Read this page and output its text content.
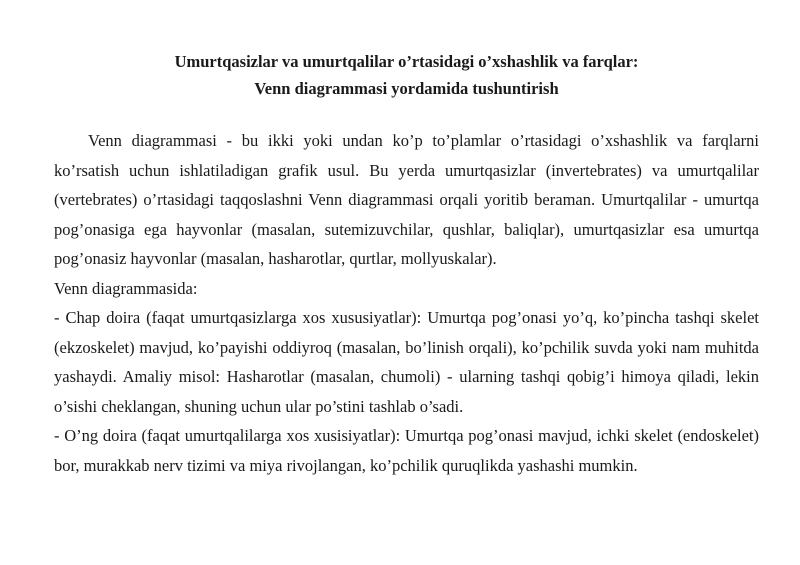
Umurtqasizlar va umurtqalilar o’rtasidagi o’xshashlik va farqlar:

Venn diagrammasi yordamida tushuntirish

Venn diagrammasi - bu ikki yoki undan ko’p to’plamlar o’rtasidagi o’xshashlik va farqlarni ko’rsatish uchun ishlatiladigan grafik usul. Bu yerda umurtqasizlar (invertebrates) va umurtqalilar (vertebrates) o’rtasidagi taqqoslashni Venn diagrammasi orqali yoritib beraman. Umurtqalilar - umurtqa pog’onasiga ega hayvonlar (masalan, sutemizuvchilar, qushlar, baliqlar), umurtqasizlar esa umurtqa pog’onasiz hayvonlar (masalan, hasharotlar, qurtlar, mollyuskalar).

Venn diagrammasida:

- Chap doira (faqat umurtqasizlarga xos xususiyatlar): Umurtqa pog’onasi yo’q, ko’pincha tashqi skelet (ekzoskelet) mavjud, ko’payishi oddiyroq (masalan, bo’linish orqali), ko’pchilik suvda yoki nam muhitda yashaydi. Amaliy misol: Hasharotlar (masalan, chumoli) - ularning tashqi qobig’i himoya qiladi, lekin o’sishi cheklangan, shuning uchun ular po’stini tashlab o’sadi.

- O’ng doira (faqat umurtqalilarga xos xusisiyatlar): Umurtqa pog’onasi mavjud, ichki skelet (endoskelet) bor, murakkab nerv tizimi va miya rivojlangan, ko’pchilik quruqlikda yashashi mumkin.
